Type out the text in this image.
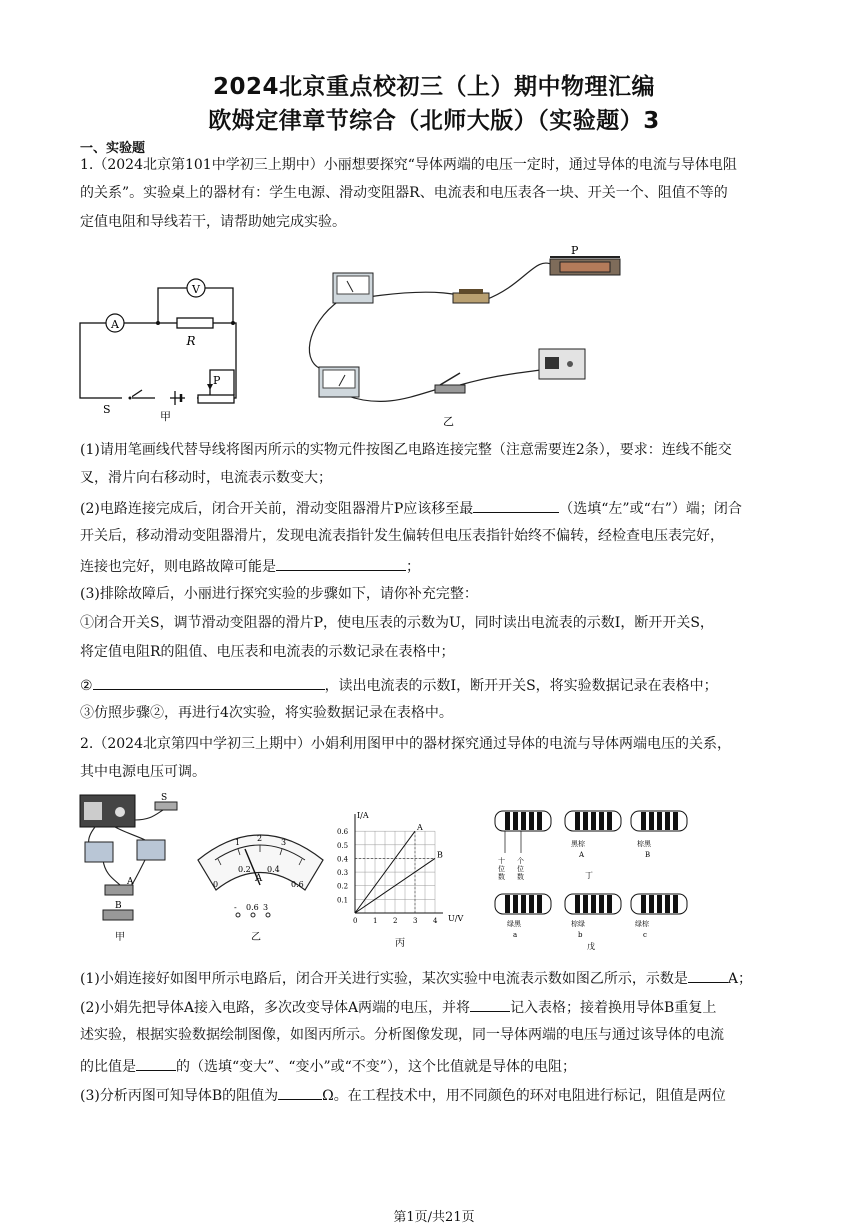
2024北京重点校初三（上）期中物理汇编
欧姆定律章节综合（北师大版）（实验题）3
一、实验题
1.（2024北京第101中学初三上期中）小丽想要探究“导体两端的电压一定时，通过导体的电流与导体电阻
的关系”。实验桌上的器材有：学生电源、滑动变阻器R、电流表和电压表各一块、开关一个、阻值不等的
定值电阻和导线若干，请帮助她完成实验。
A
V
R
P
S
甲
P
乙
(1)请用笔画线代替导线将图丙所示的实物元件按图乙电路连接完整（注意需要连2条），要求：连线不能交
叉，滑片向右移动时，电流表示数变大；
(2)电路连接完成后，闭合开关前，滑动变阻器滑片P应该移至最	（选填“左”或“右”）端；闭合
开关后，移动滑动变阻器滑片，发现电流表指针发生偏转但电压表指针始终不偏转，经检查电压表完好，
连接也完好，则电路故障可能是	；
(3)排除故障后，小丽进行探究实验的步骤如下，请你补充完整：
①闭合开关S，调节滑动变阻器的滑片P，使电压表的示数为U，同时读出电流表的示数I，断开开关S，
将定值电阻R的阻值、电压表和电流表的示数记录在表格中；
②	，读出电流表的示数I，断开开关S，将实验数据记录在表格中；
③仿照步骤②，再进行4次实验，将实验数据记录在表格中。
2.（2024北京第四中学初三上期中）小娟利用图甲中的器材探究通过导体的电流与导体两端电压的关系，
其中电源电压可调。
S
B
A
甲
1 2 3
0.2 0.4
0	0.6
A
- 0.6 3
乙
0.6
0.5
0.4
0.3
0.2
0.1
0 1 2 3 4
A
B
I/A
U/V
丙
十
位
数
个
位
数
黑棕	棕黑
A	B
丁
绿黑	棕绿	绿棕
a	b	c
戊
(1)小娟连接好如图甲所示电路后，闭合开关进行实验，某次实验中电流表示数如图乙所示，示数是	A；
(2)小娟先把导体A接入电路，多次改变导体A两端的电压，并将	记入表格；接着换用导体B重复上
述实验，根据实验数据绘制图像，如图丙所示。分析图像发现，同一导体两端的电压与通过该导体的电流
的比值是	的（选填“变大”、“变小”或“不变”），这个比值就是导体的电阻；
(3)分析丙图可知导体B的阻值为	Ω。在工程技术中，用不同颜色的环对电阻进行标记，阻值是两位
第1页/共21页
